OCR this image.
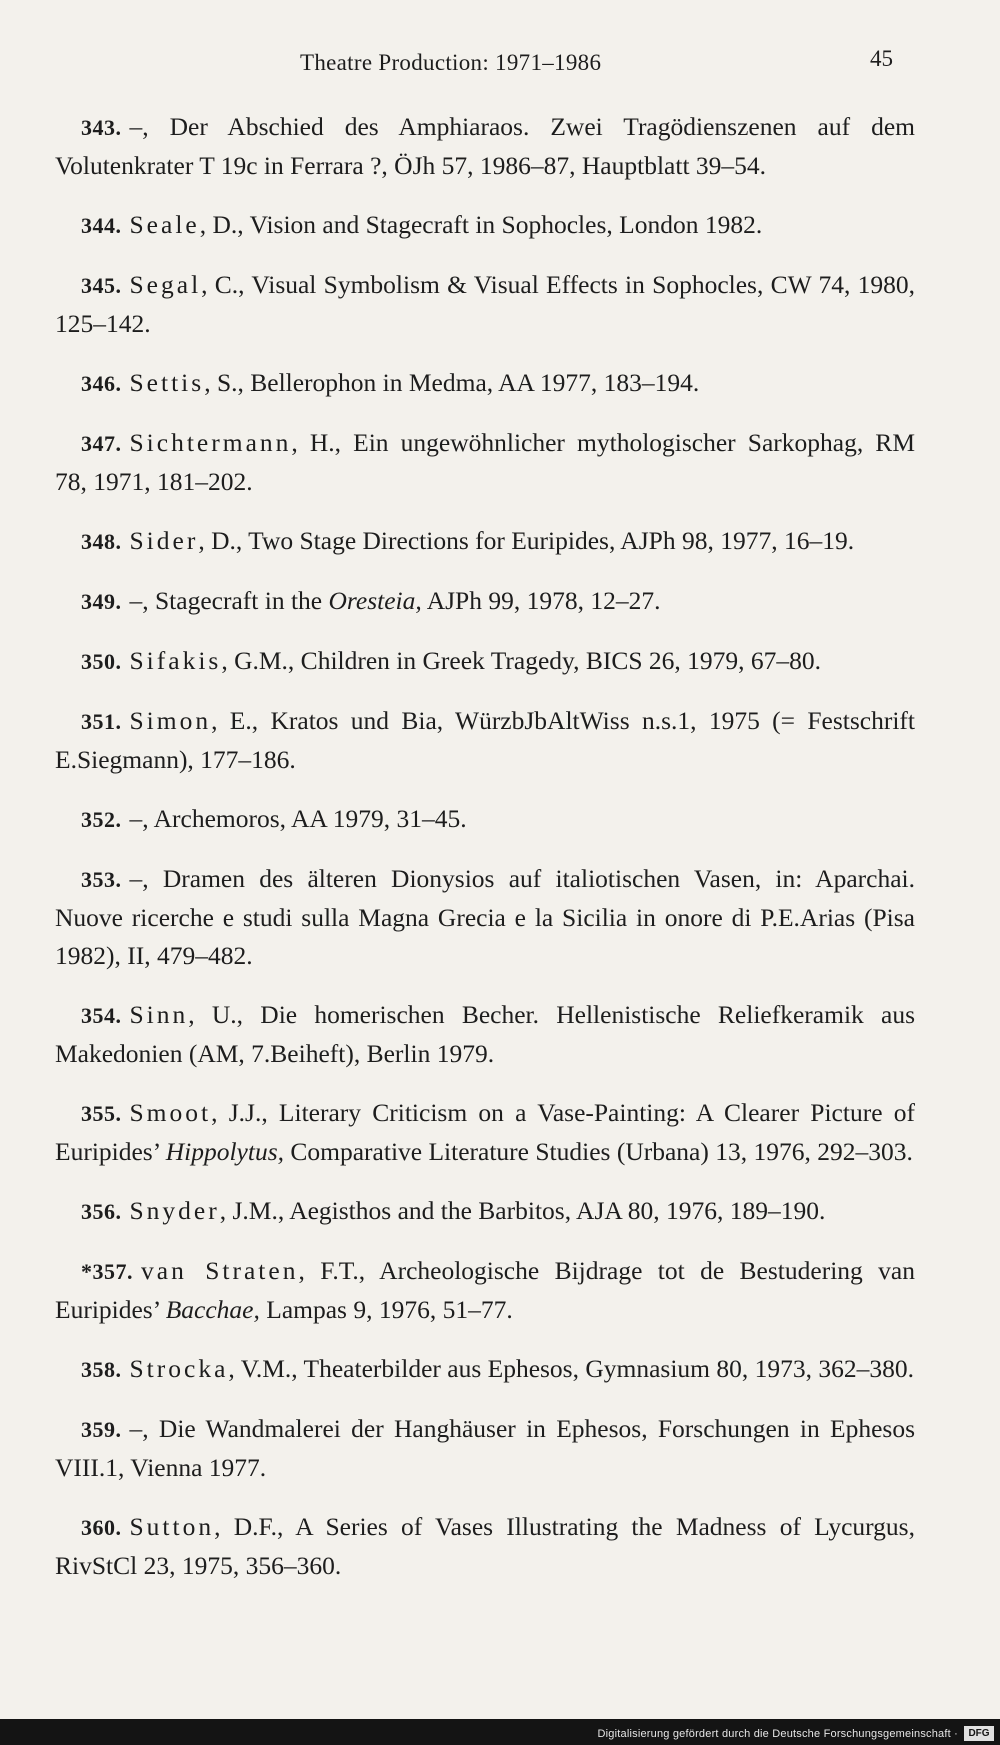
Theatre Production: 1971–1986	45

343. –, Der Abschied des Amphiaraos. Zwei Tragödienszenen auf dem Volutenkrater T 19c in Ferrara ?, ÖJh 57, 1986–87, Hauptblatt 39–54.

344. Seale, D., Vision and Stagecraft in Sophocles, London 1982.

345. Segal, C., Visual Symbolism & Visual Effects in Sophocles, CW 74, 1980, 125–142.

346. Settis, S., Bellerophon in Medma, AA 1977, 183–194.

347. Sichtermann, H., Ein ungewöhnlicher mythologischer Sarkophag, RM 78, 1971, 181–202.

348. Sider, D., Two Stage Directions for Euripides, AJPh 98, 1977, 16–19.

349. –, Stagecraft in the Oresteia, AJPh 99, 1978, 12–27.

350. Sifakis, G.M., Children in Greek Tragedy, BICS 26, 1979, 67–80.

351. Simon, E., Kratos und Bia, WürzbJbAltWiss n.s.1, 1975 (= Festschrift E.Siegmann), 177–186.

352. –, Archemoros, AA 1979, 31–45.

353. –, Dramen des älteren Dionysios auf italiotischen Vasen, in: Aparchai. Nuove ricerche e studi sulla Magna Grecia e la Sicilia in onore di P.E.Arias (Pisa 1982), II, 479–482.

354. Sinn, U., Die homerischen Becher. Hellenistische Reliefkeramik aus Makedonien (AM, 7.Beiheft), Berlin 1979.

355. Smoot, J.J., Literary Criticism on a Vase-Painting: A Clearer Picture of Euripides’ Hippolytus, Comparative Literature Studies (Urbana) 13, 1976, 292–303.

356. Snyder, J.M., Aegisthos and the Barbitos, AJA 80, 1976, 189–190.

*357. van Straten, F.T., Archeologische Bijdrage tot de Bestudering van Euripides’ Bacchae, Lampas 9, 1976, 51–77.

358. Strocka, V.M., Theaterbilder aus Ephesos, Gymnasium 80, 1973, 362–380.

359. –, Die Wandmalerei der Hanghäuser in Ephesos, Forschungen in Ephesos VIII.1, Vienna 1977.

360. Sutton, D.F., A Series of Vases Illustrating the Madness of Lycurgus, RivStCl 23, 1975, 356–360.

Digitalisierung gefördert durch die Deutsche Forschungsgemeinschaft ·	DFG
